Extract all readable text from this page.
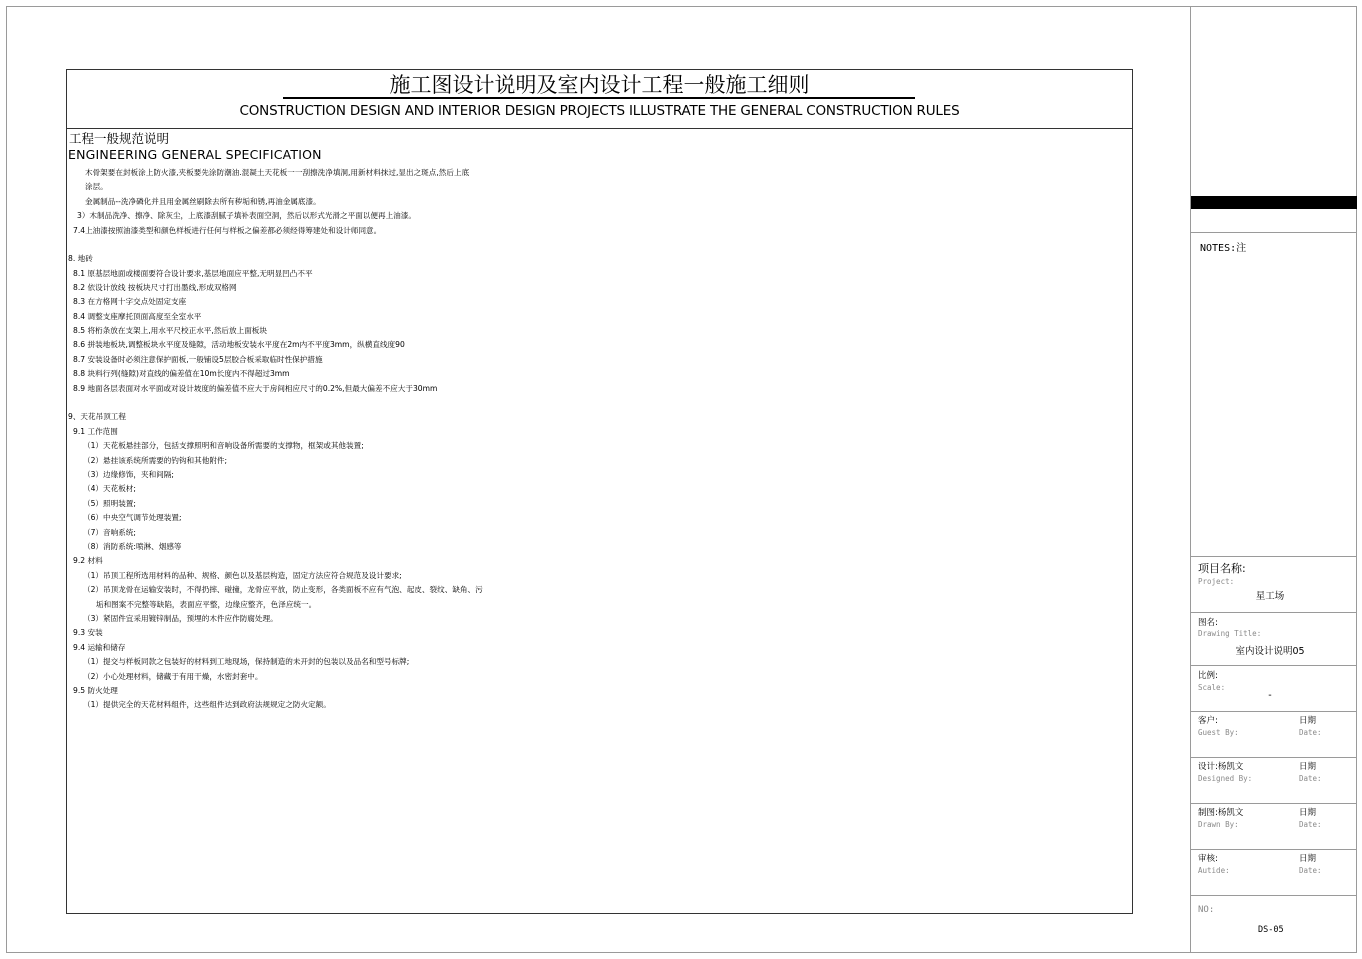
施工图设计说明及室内设计工程一般施工细则
CONSTRUCTION DESIGN AND INTERIOR DESIGN PROJECTS ILLUSTRATE THE GENERAL CONSTRUCTION RULES
工程一般规范说明
ENGINEERING GENERAL SPECIFICATION
木骨架要在封板涂上防火漆,夹板要先涂防潮油.混凝土天花板一一刮擦洗净填洞,用新材料抹过,显出之斑点,然后上底
涂层。
金属制品--洗净磷化并且用金属丝刷除去所有秽垢和锈,再油金属底漆。
3）木制品洗净、擦净、除灰尘，上底漆刮腻子填补表面空洞，然后以形式光滑之平面以便再上油漆。
7.4上油漆按照油漆类型和颜色样板进行任何与样板之偏差都必须经得筹建处和设计师同意。
8. 地砖
8.1 原基层地面或楼面要符合设计要求,基层地面应平整,无明显凹凸不平
8.2 依设计放线 按板块尺寸打出墨线,形成双格网
8.3 在方格网十字交点处固定支座
8.4 调整支座摩托顶面高度至全室水平
8.5 将桁条放在支架上,用水平尺校正水平,然后放上面板块
8.6 拼装地板块,调整板块水平度及缝隙，活动地板安装水平度在2m内不平度3mm，纵横直线度90
8.7 安装设备时必须注意保护面板,一般铺设5层胶合板采取临时性保护措施
8.8 块料行列(缝隙)对直线的偏差值在10m长度内不得超过3mm
8.9 地面各层表面对水平面或对设计坡度的偏差值不应大于房间相应尺寸的0.2%,但最大偏差不应大于30mm
9、天花吊顶工程
9.1 工作范围
（1）天花板悬挂部分，包括支撑照明和音响设备所需要的支撑物，框架或其他装置;
（2）悬挂该系统所需要的钓钩和其他附件;
（3）边缘修饰，夹和间隔;
（4）天花板材;
（5）照明装置;
（6）中央空气调节处理装置;
（7）音响系统;
（8）消防系统:喷淋、烟感等
9.2 材料
（1）吊顶工程所选用材料的品种、规格、颜色以及基层构造，固定方法应符合规范及设计要求;
（2）吊顶龙骨在运输安装时，不得扔摔、碰撞，龙骨应平放，防止变形，各类面板不应有气泡、起皮、裂纹、缺角、污
垢和图案不完整等缺陷，表面应平整，边缘应整齐，色泽应统一。
（3）紧固件宜采用镀锌制品，预埋的木件应作防腐处理。
9.3 安装
9.4 运输和储存
（1）提交与样板同款之包装好的材料到工地现场，保持制造的未开封的包装以及品名和型号标牌;
（2）小心处理材料，储藏于有用干燥，水密封套中。
9.5 防火处理
（1）提供完全的天花材料组件，这些组件达到政府法规规定之防火定额。
NOTES:注
项目名称:
Project:
星工场
图名:
Drawing Title:
室内设计说明05
比例:
Scale:
-
客户:
Guest By:
日期
Date:
设计:杨凯文
Designed By:
日期
Date:
制图:杨凯文
Drawn By:
日期
Date:
审核:
Autide:
日期
Date:
NO:
DS-05
